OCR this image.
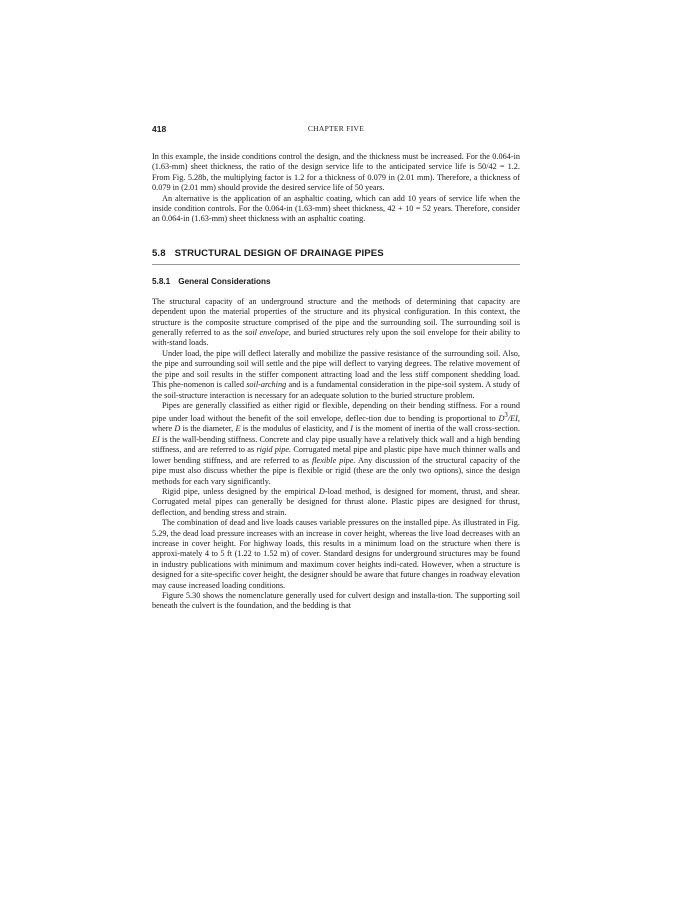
418	CHAPTER FIVE

In this example, the inside conditions control the design, and the thickness must be increased. For the 0.064-in (1.63-mm) sheet thickness, the ratio of the design service life to the anticipated service life is 50/42 = 1.2. From Fig. 5.28b, the multiplying factor is 1.2 for a thickness of 0.079 in (2.01 mm). Therefore, a thickness of 0.079 in (2.01 mm) should provide the desired service life of 50 years.

An alternative is the application of an asphaltic coating, which can add 10 years of service life when the inside condition controls. For the 0.064-in (1.63-mm) sheet thickness, 42 + 10 = 52 years. Therefore, consider an 0.064-in (1.63-mm) sheet thickness with an asphaltic coating.

5.8 STRUCTURAL DESIGN OF DRAINAGE PIPES
5.8.1 General Considerations

The structural capacity of an underground structure and the methods of determining that capacity are dependent upon the material properties of the structure and its physical configuration. In this context, the structure is the composite structure comprised of the pipe and the surrounding soil. The surrounding soil is generally referred to as the soil envelope, and buried structures rely upon the soil envelope for their ability to with-stand loads.

Under load, the pipe will deflect laterally and mobilize the passive resistance of the surrounding soil. Also, the pipe and surrounding soil will settle and the pipe will deflect to varying degrees. The relative movement of the pipe and soil results in the stiffer component attracting load and the less stiff component shedding load. This phe-nomenon is called soil-arching and is a fundamental consideration in the pipe-soil system. A study of the soil-structure interaction is necessary for an adequate solution to the buried structure problem.

Pipes are generally classified as either rigid or flexible, depending on their bending stiffness. For a round pipe under load without the benefit of the soil envelope, deflec-tion due to bending is proportional to $D^3/EI$, where D is the diameter, E is the modulus of elasticity, and I is the moment of inertia of the wall cross-section. EI is the wall-bending stiffness. Concrete and clay pipe usually have a relatively thick wall and a high bending stiffness, and are referred to as rigid pipe. Corrugated metal pipe and plastic pipe have much thinner walls and lower bending stiffness, and are referred to as flexible pipe. Any discussion of the structural capacity of the pipe must also discuss whether the pipe is flexible or rigid (these are the only two options), since the design methods for each vary significantly.

Rigid pipe, unless designed by the empirical D-load method, is designed for moment, thrust, and shear. Corrugated metal pipes can generally be designed for thrust alone. Plastic pipes are designed for thrust, deflection, and bending stress and strain.

The combination of dead and live loads causes variable pressures on the installed pipe. As illustrated in Fig. 5.29, the dead load pressure increases with an increase in cover height, whereas the live load decreases with an increase in cover height. For highway loads, this results in a minimum load on the structure when there is approxi-mately 4 to 5 ft (1.22 to 1.52 m) of cover. Standard designs for underground structures may be found in industry publications with minimum and maximum cover heights indi-cated. However, when a structure is designed for a site-specific cover height, the designer should be aware that future changes in roadway elevation may cause increased loading conditions.

Figure 5.30 shows the nomenclature generally used for culvert design and installa-tion. The supporting soil beneath the culvert is the foundation, and the bedding is that
